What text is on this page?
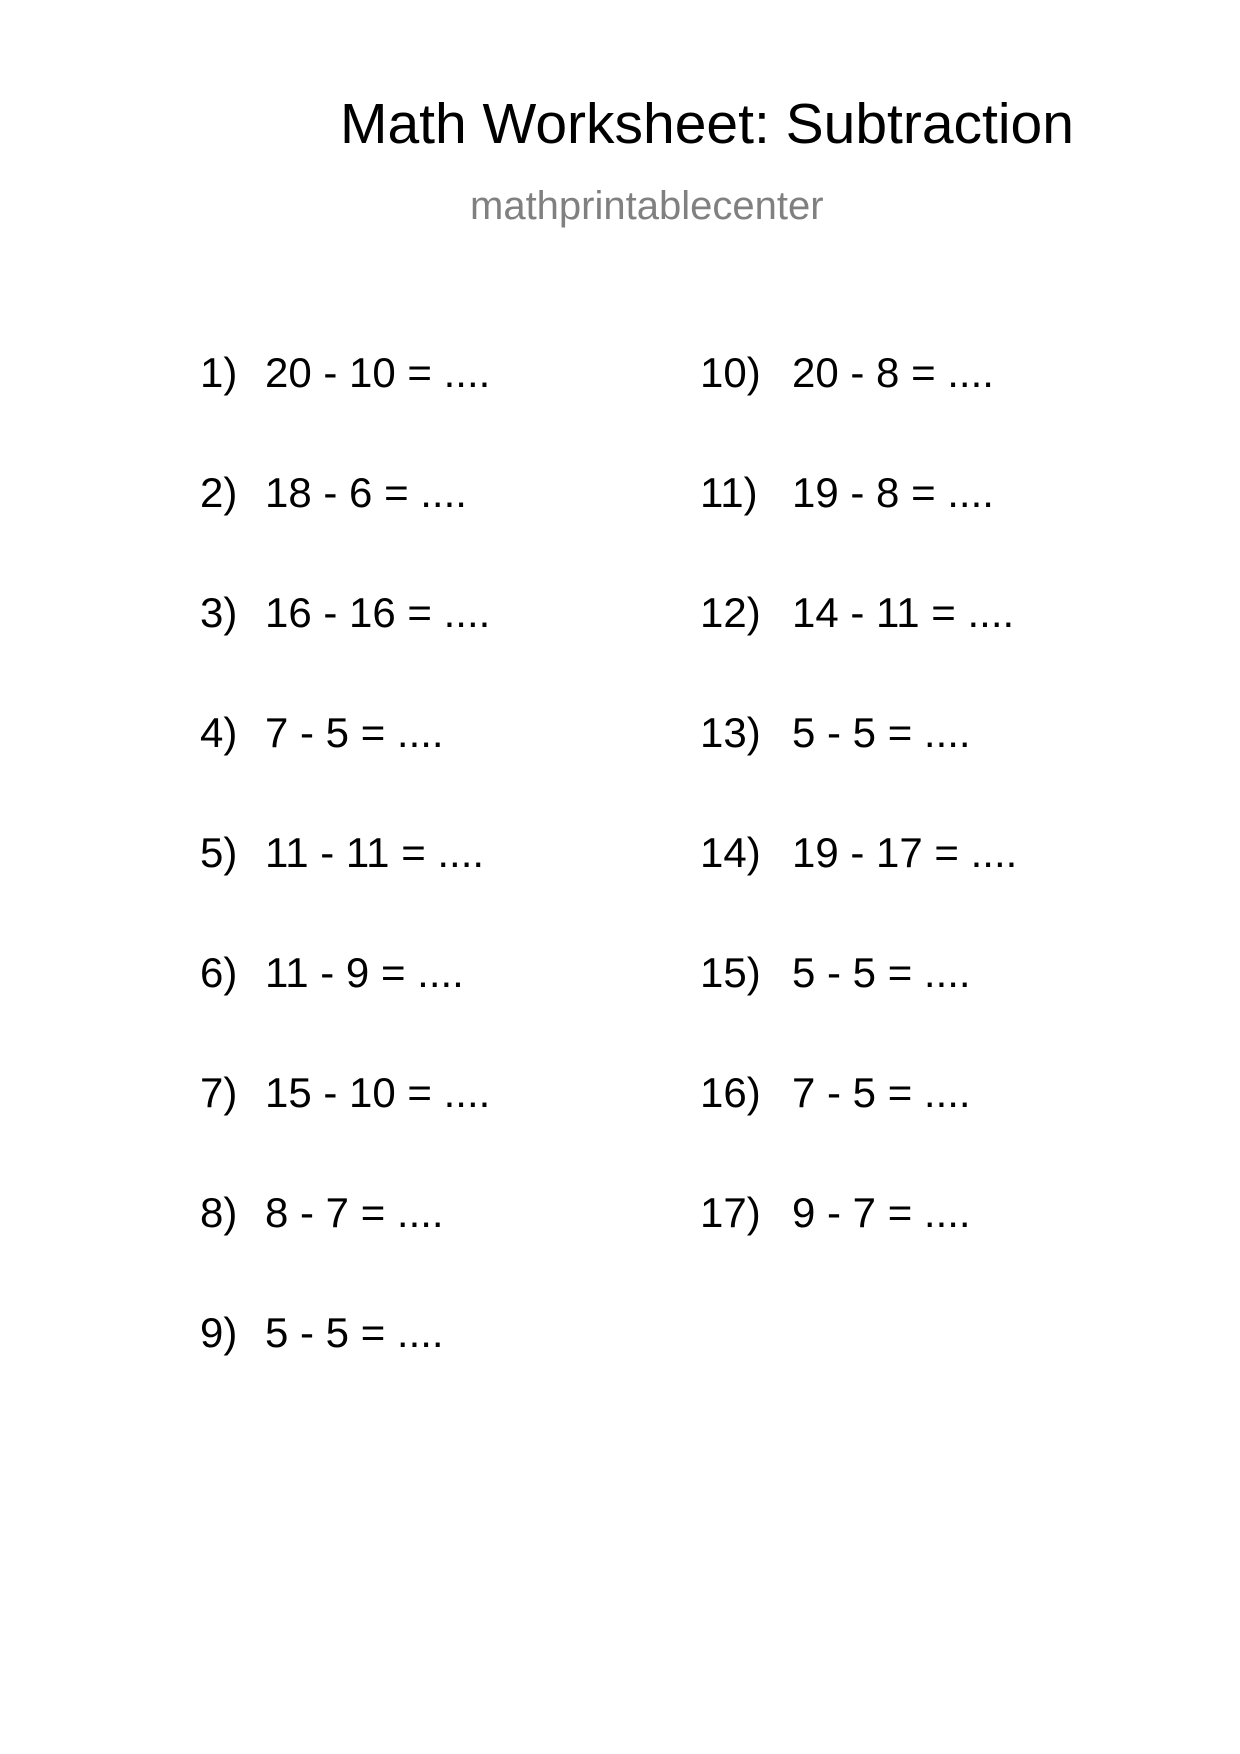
Math Worksheet: Subtraction
mathprintablecenter
1) 20 - 10 = ....
2) 18 - 6 = ....
3) 16 - 16 = ....
4) 7 - 5 = ....
5) 11 - 11 = ....
6) 11 - 9 = ....
7) 15 - 10 = ....
8) 8 - 7 = ....
9) 5 - 5 = ....
10) 20 - 8 = ....
11) 19 - 8 = ....
12) 14 - 11 = ....
13) 5 - 5 = ....
14) 19 - 17 = ....
15) 5 - 5 = ....
16) 7 - 5 = ....
17) 9 - 7 = ....
